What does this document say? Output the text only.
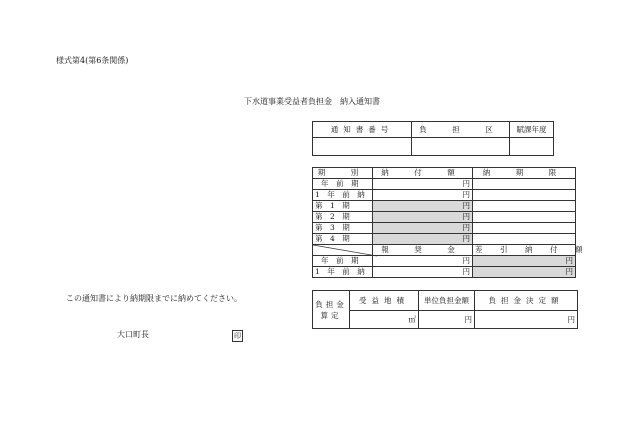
様式第4(第6条関係)
下水道事業受益者負担金　納入通知書
通知書番号	負　担　区	賦課年度

期　別	納　付　額	納　期　限
年　前　期	円	
1　年　前　納	円	
第　1　期	円	
第　2　期	円	
第　3　期	円	
第　4　期	円	

	報　奨　金	差　引　納　付　額
年　前　期	円	円
1　年　前　納	円	円
負担金算定	受益地積	単位負担金額	負担金決定額
	㎡	円	円
この通知書により納期限までに納めてください。
大口町長	印
